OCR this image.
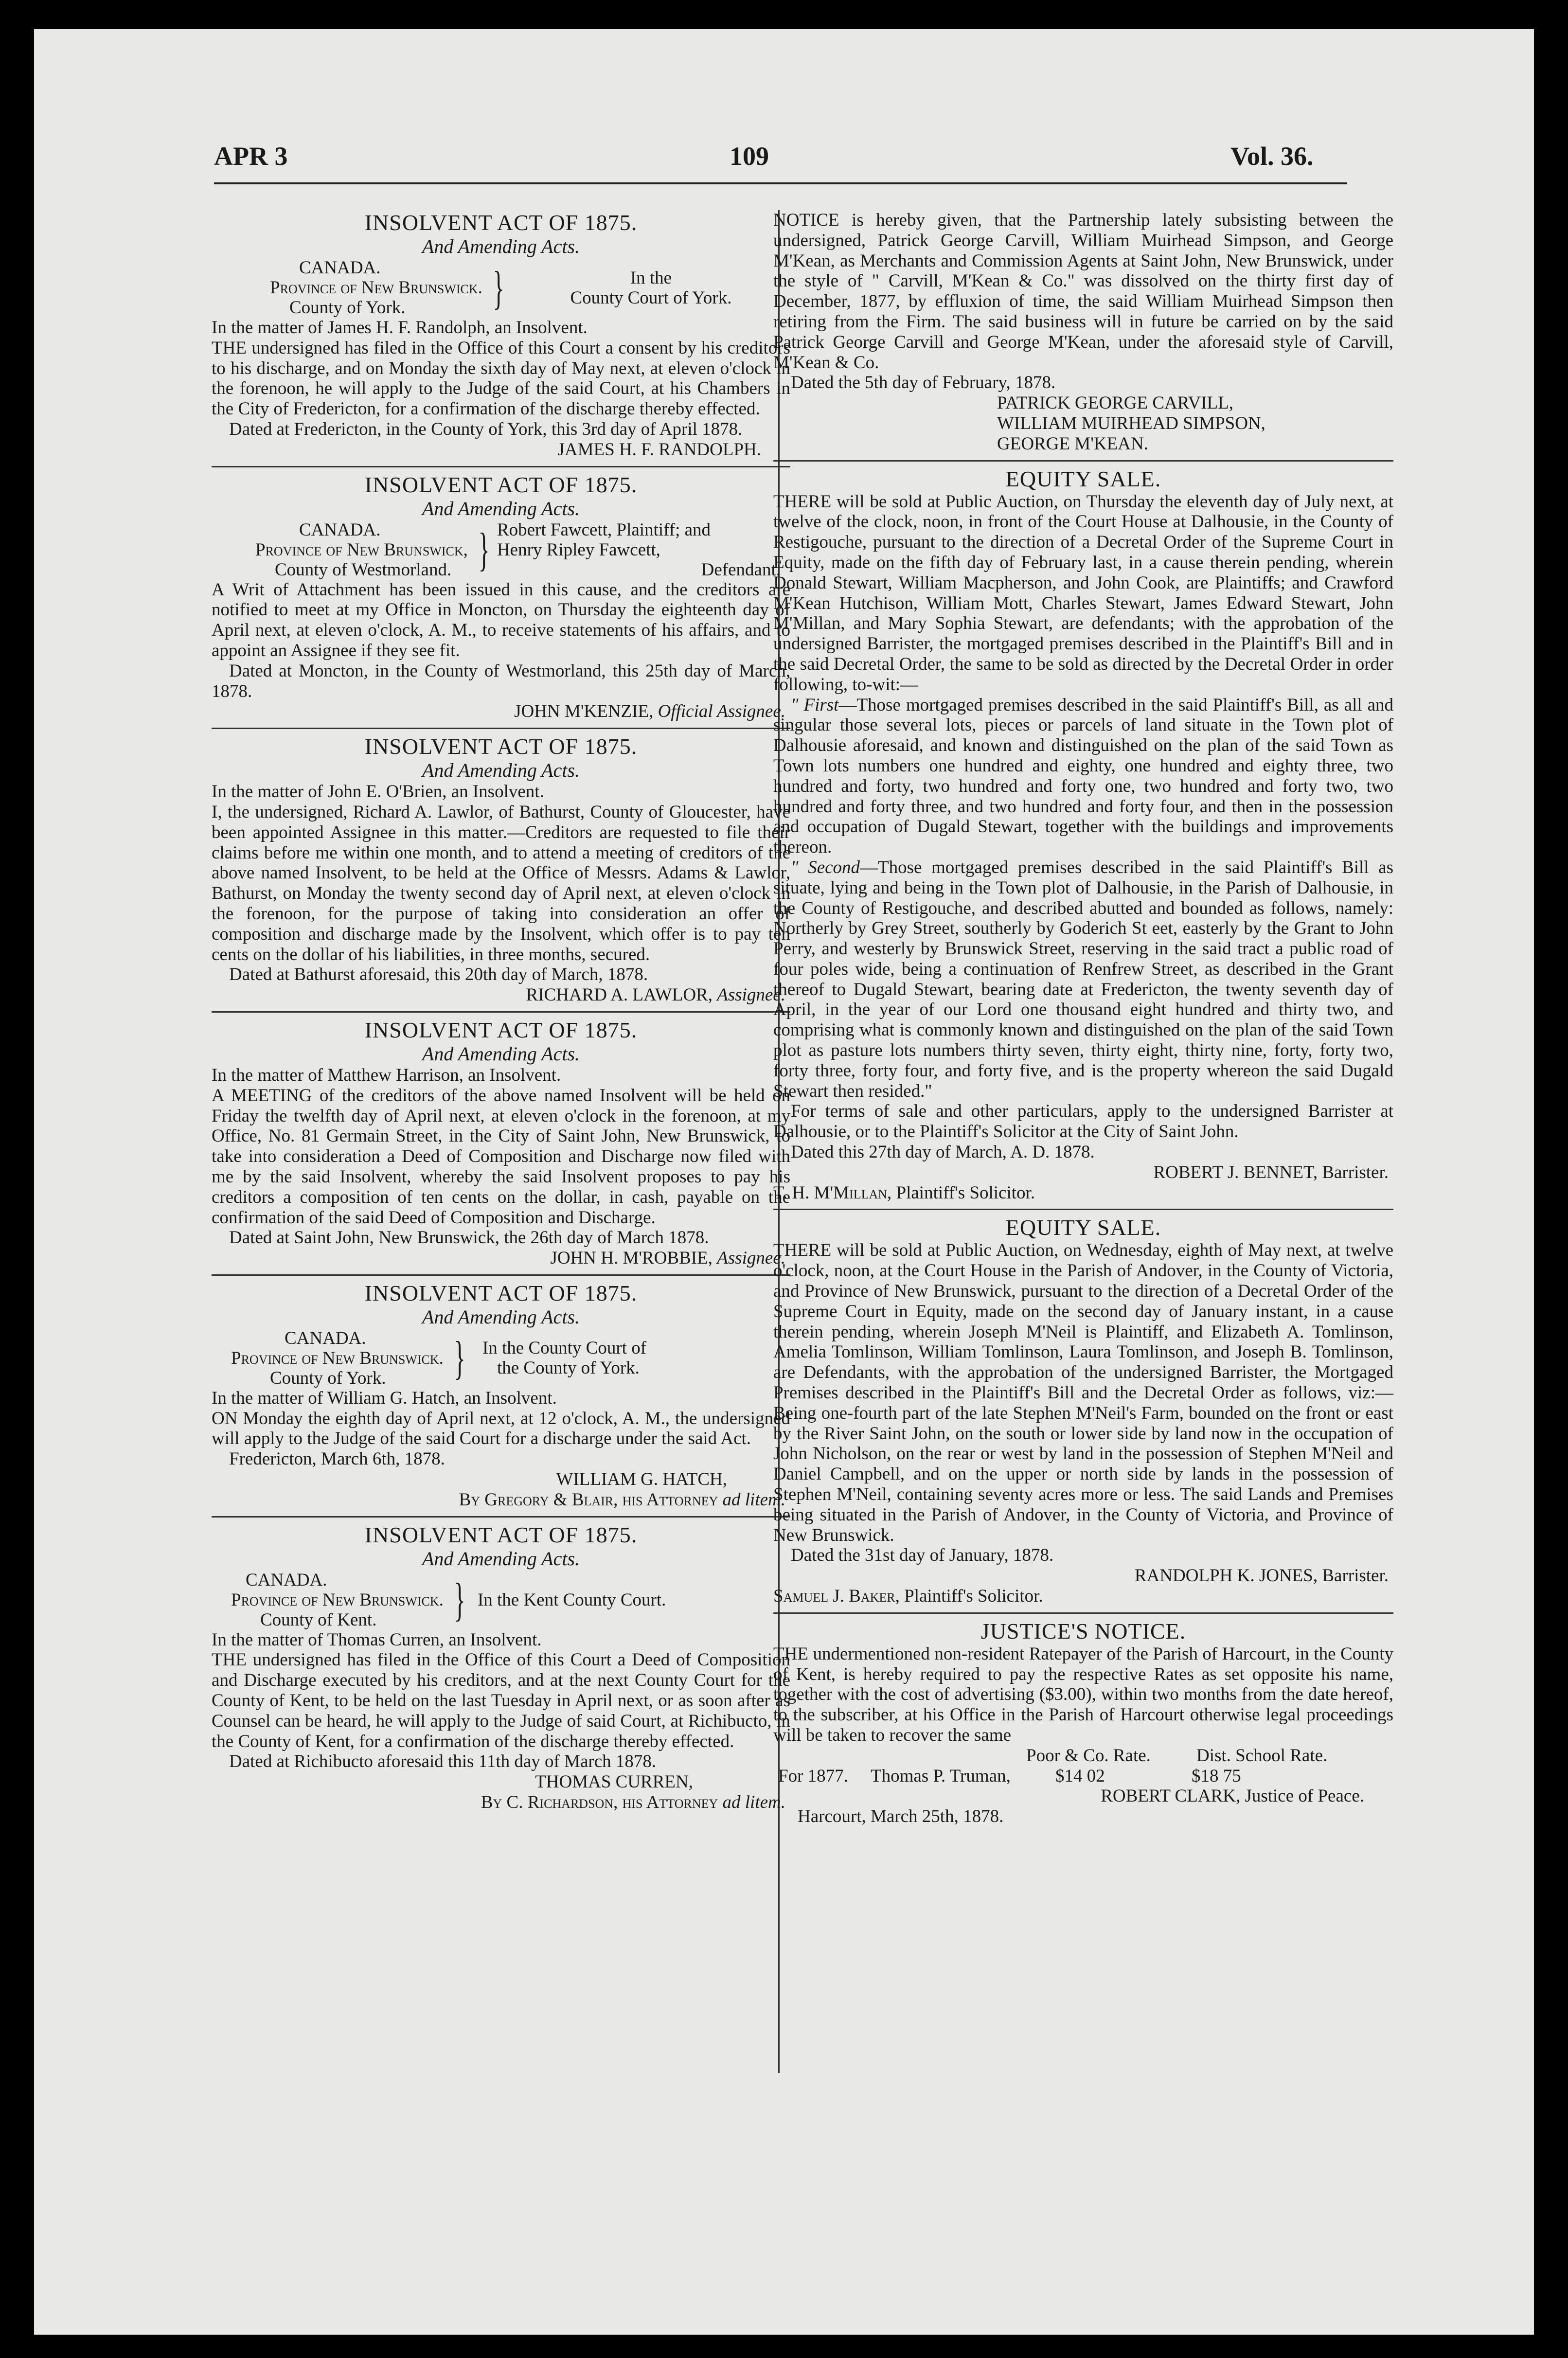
APR 3	109	Vol. 36.
INSOLVENT ACT OF 1875.
And Amending Acts.
CANADA.
Province of New Brunswick.
County of York.	}	In the
County Court of York.

In the matter of James H. F. Randolph, an Insolvent.

THE undersigned has filed in the Office of this Court a consent by his creditors to his discharge, and on Monday the sixth day of May next, at eleven o'clock in the forenoon, he will apply to the Judge of the said Court, at his Chambers in the City of Fredericton, for a confirmation of the discharge thereby effected.

Dated at Fredericton, in the County of York, this 3rd day of April 1878.

JAMES H. F. RANDOLPH.
INSOLVENT ACT OF 1875.
And Amending Acts.
CANADA.
Province of New Brunswick,
County of Westmorland. } Robert Fawcett, Plaintiff; and
Henry Ripley Fawcett,
Defendant.

A Writ of Attachment has been issued in this cause, and the creditors are notified to meet at my Office in Moncton, on Thursday the eighteenth day of April next, at eleven o'clock, A. M., to receive statements of his affairs, and to appoint an Assignee if they see fit.

Dated at Moncton, in the County of Westmorland, this 25th day of March, 1878.

JOHN M'KENZIE, Official Assignee.
INSOLVENT ACT OF 1875.
And Amending Acts.

In the matter of John E. O'Brien, an Insolvent.

I, the undersigned, Richard A. Lawlor, of Bathurst, County of Gloucester, have been appointed Assignee in this matter.—Creditors are requested to file their claims before me within one month, and to attend a meeting of creditors of the above named Insolvent, to be held at the Office of Messrs. Adams & Lawlor, Bathurst, on Monday the twenty second day of April next, at eleven o'clock in the forenoon, for the purpose of taking into consideration an offer of composition and discharge made by the Insolvent, which offer is to pay ten cents on the dollar of his liabilities, in three months, secured.

Dated at Bathurst aforesaid, this 20th day of March, 1878.

RICHARD A. LAWLOR, Assignee.
INSOLVENT ACT OF 1875.
And Amending Acts.

In the matter of Matthew Harrison, an Insolvent.

A MEETING of the creditors of the above named Insolvent will be held on Friday the twelfth day of April next, at eleven o'clock in the forenoon, at my Office, No. 81 Germain Street, in the City of Saint John, New Brunswick, to take into consideration a Deed of Composition and Discharge now filed with me by the said Insolvent, whereby the said Insolvent proposes to pay his creditors a composition of ten cents on the dollar, in cash, payable on the confirmation of the said Deed of Composition and Discharge.

Dated at Saint John, New Brunswick, the 26th day of March 1878.

JOHN H. M'ROBBIE, Assignee.
INSOLVENT ACT OF 1875.
And Amending Acts.
CANADA.
Province of New Brunswick.
County of York.	} In the County Court of
the County of York.

In the matter of William G. Hatch, an Insolvent.

ON Monday the eighth day of April next, at 12 o'clock, A. M., the undersigned will apply to the Judge of the said Court for a discharge under the said Act.

Fredericton, March 6th, 1878.

WILLIAM G. HATCH,
By Gregory & Blair, his Attorney ad litem.
INSOLVENT ACT OF 1875.
And Amending Acts.
CANADA.
Province of New Brunswick.
County of Kent.	} In the Kent County Court.

In the matter of Thomas Curren, an Insolvent.

THE undersigned has filed in the Office of this Court a Deed of Composition and Discharge executed by his creditors, and at the next County Court for the County of Kent, to be held on the last Tuesday in April next, or as soon after as Counsel can be heard, he will apply to the Judge of said Court, at Richibucto, in the County of Kent, for a confirmation of the discharge thereby effected.

Dated at Richibucto aforesaid this 11th day of March 1878.

THOMAS CURREN,
By C. Richardson, his Attorney ad litem.

NOTICE is hereby given, that the Partnership lately subsisting between the undersigned, Patrick George Carvill, William Muirhead Simpson, and George M'Kean, as Merchants and Commission Agents at Saint John, New Brunswick, under the style of " Carvill, M'Kean & Co." was dissolved on the thirty first day of December, 1877, by effluxion of time, the said William Muirhead Simpson then retiring from the Firm. The said business will in future be carried on by the said Patrick George Carvill and George M'Kean, under the aforesaid style of Carvill, M'Kean & Co.

Dated the 5th day of February, 1878.

PATRICK GEORGE CARVILL,
WILLIAM MUIRHEAD SIMPSON,
GEORGE M'KEAN.
EQUITY SALE.

THERE will be sold at Public Auction, on Thursday the eleventh day of July next, at twelve of the clock, noon, in front of the Court House at Dalhousie, in the County of Restigouche, pursuant to the direction of a Decretal Order of the Supreme Court in Equity, made on the fifth day of February last, in a cause therein pending, wherein Donald Stewart, William Macpherson, and John Cook, are Plaintiffs; and Crawford M'Kean Hutchison, William Mott, Charles Stewart, James Edward Stewart, John M'Millan, and Mary Sophia Stewart, are defendants; with the approbation of the undersigned Barrister, the mortgaged premises described in the Plaintiff's Bill and in the said Decretal Order, the same to be sold as directed by the Decretal Order in order following, to-wit:—

" First—Those mortgaged premises described in the said Plaintiff's Bill, as all and singular those several lots, pieces or parcels of land situate in the Town plot of Dalhousie aforesaid, and known and distinguished on the plan of the said Town as Town lots numbers one hundred and eighty, one hundred and eighty three, two hundred and forty, two hundred and forty one, two hundred and forty two, two hundred and forty three, and two hundred and forty four, and then in the possession and occupation of Dugald Stewart, together with the buildings and improvements thereon.

" Second—Those mortgaged premises described in the said Plaintiff's Bill as situate, lying and being in the Town plot of Dalhousie, in the Parish of Dalhousie, in the County of Restigouche, and described abutted and bounded as follows, namely: Northerly by Grey Street, southerly by Goderich St eet, easterly by the Grant to John Perry, and westerly by Brunswick Street, reserving in the said tract a public road of four poles wide, being a continuation of Renfrew Street, as described in the Grant thereof to Dugald Stewart, bearing date at Fredericton, the twenty seventh day of April, in the year of our Lord one thousand eight hundred and thirty two, and comprising what is commonly known and distinguished on the plan of the said Town plot as pasture lots numbers thirty seven, thirty eight, thirty nine, forty, forty two, forty three, forty four, and forty five, and is the property whereon the said Dugald Stewart then resided."

For terms of sale and other particulars, apply to the undersigned Barrister at Dalhousie, or to the Plaintiff's Solicitor at the City of Saint John.

Dated this 27th day of March, A. D. 1878.

ROBERT J. BENNET, Barrister.
T. H. M'Millan, Plaintiff's Solicitor.
EQUITY SALE.

THERE will be sold at Public Auction, on Wednesday, eighth of May next, at twelve o'clock, noon, at the Court House in the Parish of Andover, in the County of Victoria, and Province of New Brunswick, pursuant to the direction of a Decretal Order of the Supreme Court in Equity, made on the second day of January instant, in a cause therein pending, wherein Joseph M'Neil is Plaintiff, and Elizabeth A. Tomlinson, Amelia Tomlinson, William Tomlinson, Laura Tomlinson, and Joseph B. Tomlinson, are Defendants, with the approbation of the undersigned Barrister, the Mortgaged Premises described in the Plaintiff's Bill and the Decretal Order as follows, viz:—Being one-fourth part of the late Stephen M'Neil's Farm, bounded on the front or east by the River Saint John, on the south or lower side by land now in the occupation of John Nicholson, on the rear or west by land in the possession of Stephen M'Neil and Daniel Campbell, and on the upper or north side by lands in the possession of Stephen M'Neil, containing seventy acres more or less. The said Lands and Premises being situated in the Parish of Andover, in the County of Victoria, and Province of New Brunswick.

Dated the 31st day of January, 1878.

RANDOLPH K. JONES, Barrister.
Samuel J. Baker, Plaintiff's Solicitor.
JUSTICE'S NOTICE.

THE undermentioned non-resident Ratepayer of the Parish of Harcourt, in the County of Kent, is hereby required to pay the respective Rates as set opposite his name, together with the cost of advertising ($3.00), within two months from the date hereof, to the subscriber, at his Office in the Parish of Harcourt otherwise legal proceedings will be taken to recover the same

Poor & Co. Rate.	Dist. School Rate.
For 1877.	Thomas P. Truman,	$14 02	$18 75
ROBERT CLARK, Justice of Peace.
Harcourt, March 25th, 1878.
